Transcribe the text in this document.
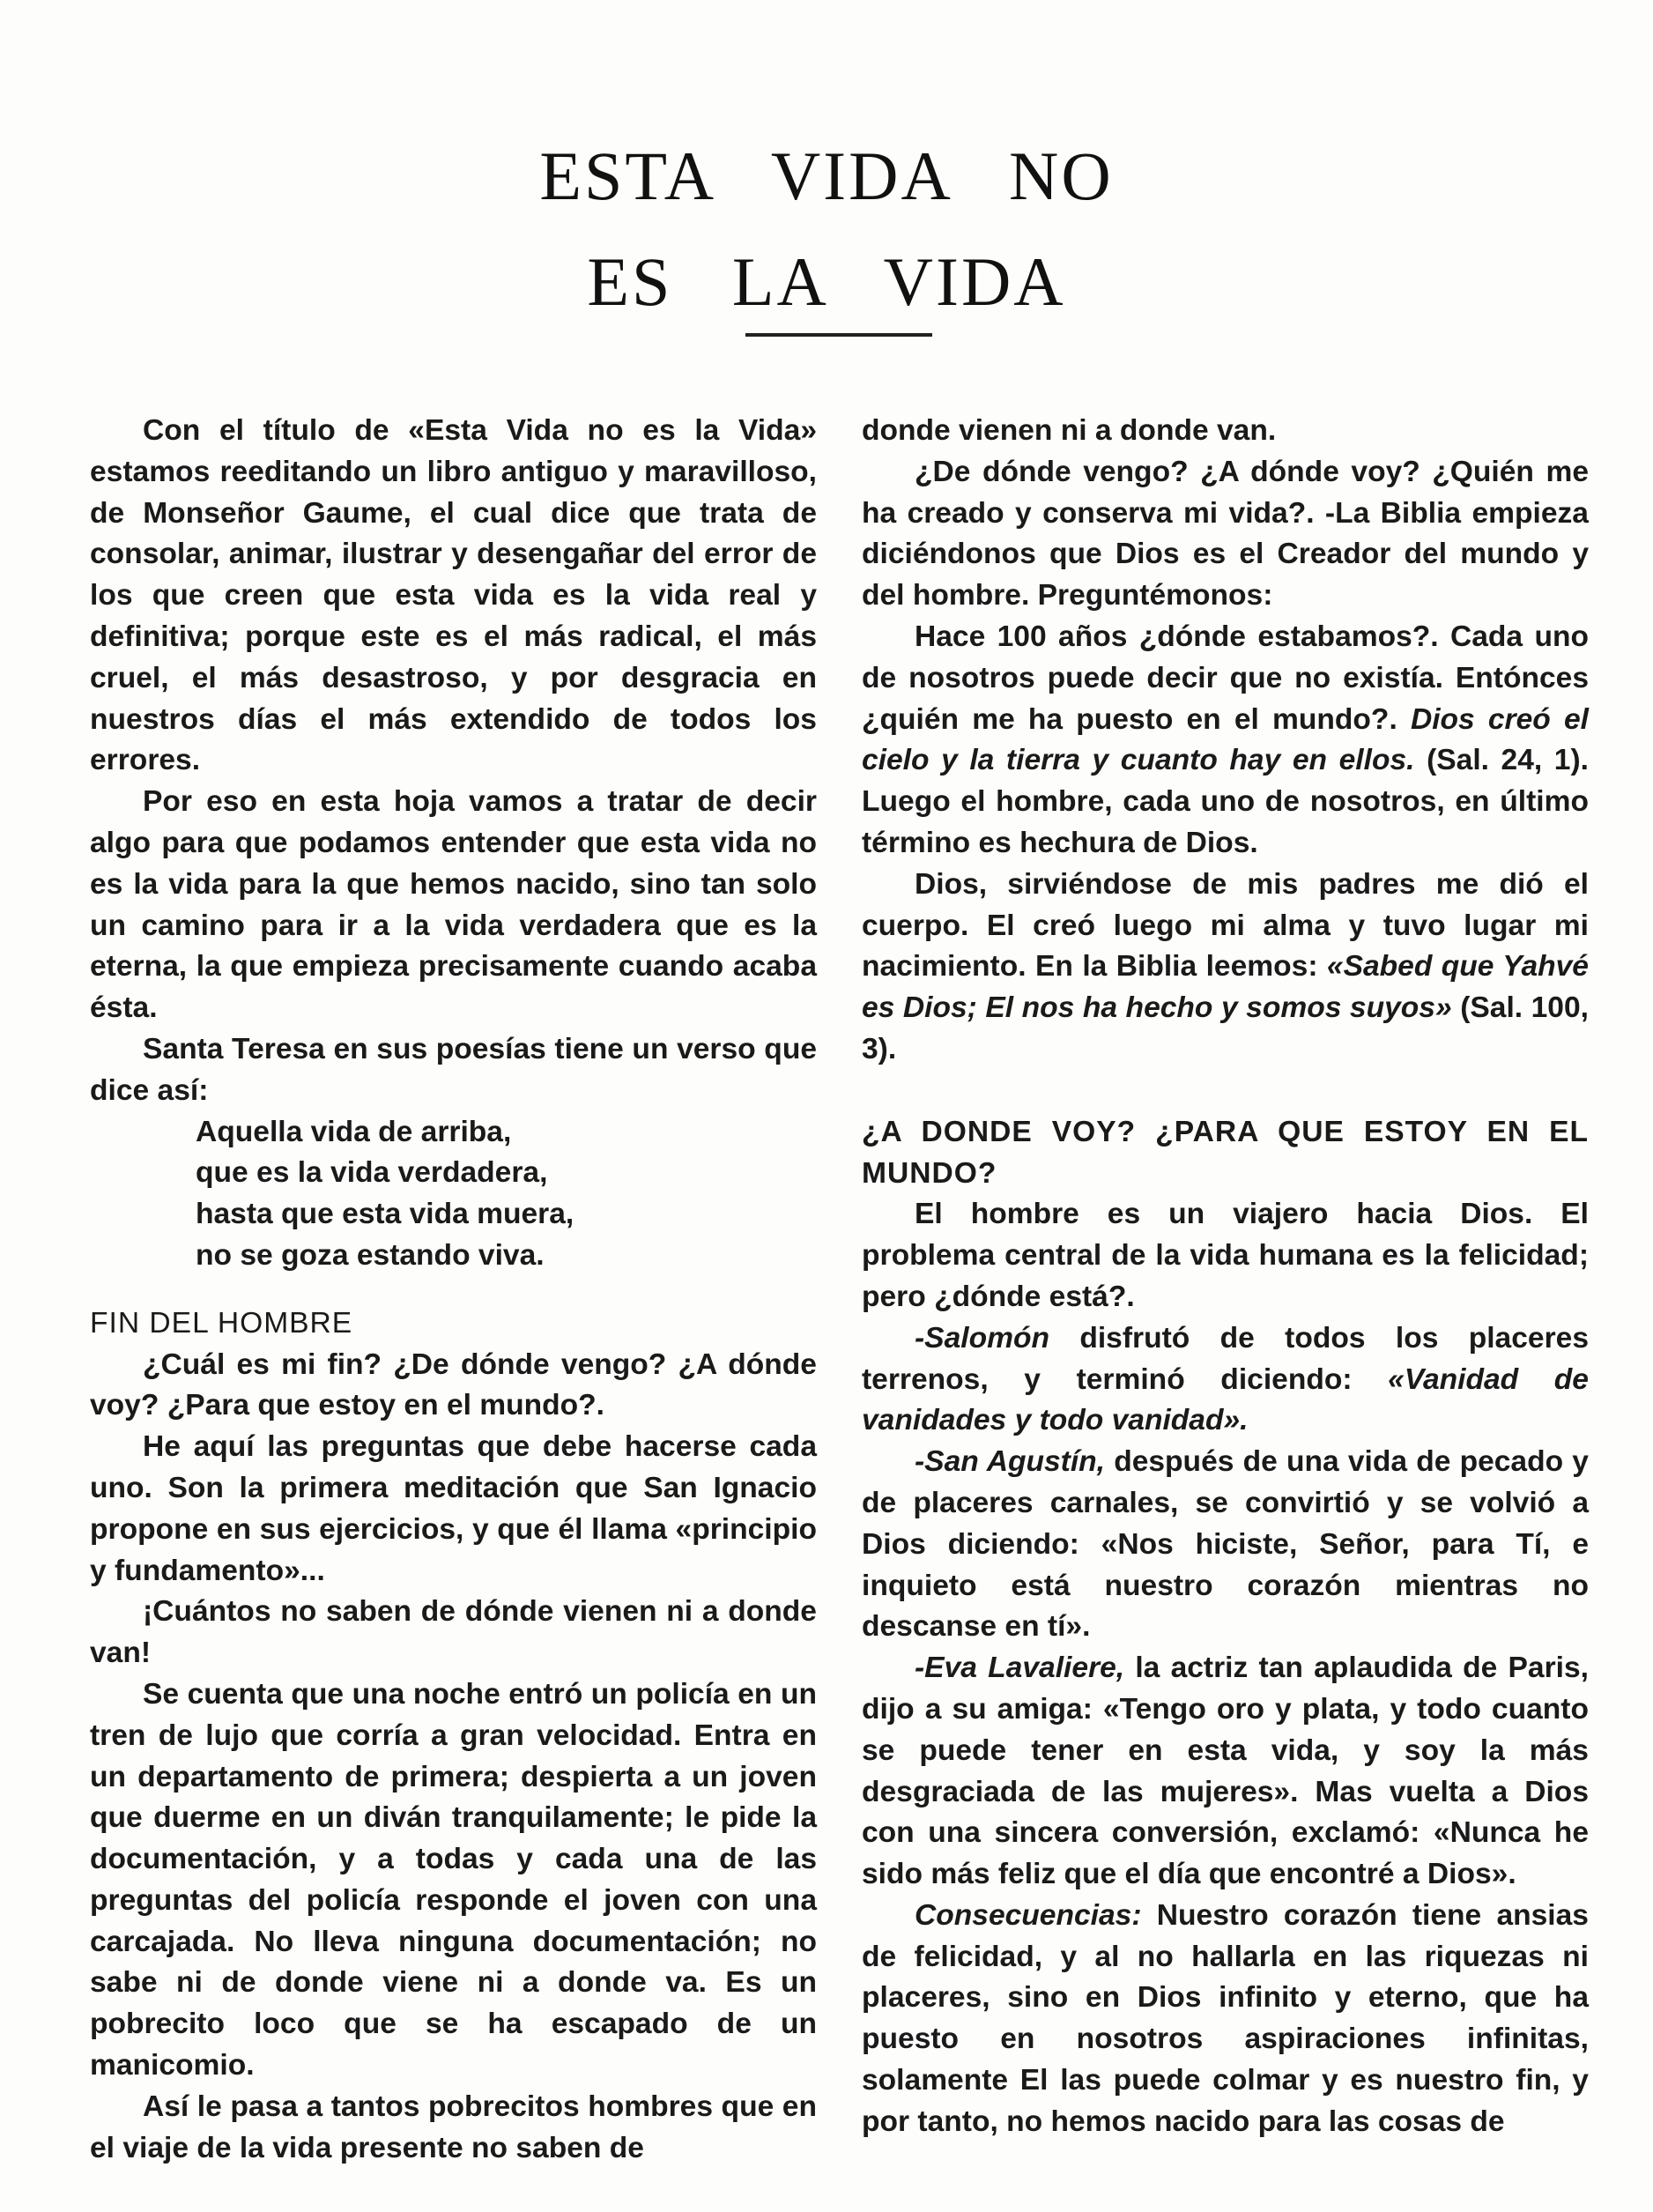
ESTA   VIDA   NO
ES   LA   VIDA

Con el título de «Esta Vida no es la Vida» estamos reeditando un libro antiguo y maravilloso, de Monseñor Gaume, el cual dice que trata de consolar, animar, ilustrar y desengañar del error de los que creen que esta vida es la vida real y definitiva; porque este es el más radical, el más cruel, el más desastroso, y por desgracia en nuestros días el más extendido de todos los errores.

Por eso en esta hoja vamos a tratar de decir algo para que podamos entender que esta vida no es la vida para la que hemos nacido, sino tan solo un camino para ir a la vida verdadera que es la eterna, la que empieza precisamente cuando acaba ésta.

Santa Teresa en sus poesías tiene un verso que dice así:

Aquella vida de arriba,
que es la vida verdadera,
hasta que esta vida muera,
no se goza estando viva.

FIN DEL HOMBRE

¿Cuál es mi fin? ¿De dónde vengo? ¿A dónde voy? ¿Para que estoy en el mundo?.

He aquí las preguntas que debe hacerse cada uno. Son la primera meditación que San Ignacio propone en sus ejercicios, y que él llama «principio y fundamento»...

¡Cuántos no saben de dónde vienen ni a donde van!

Se cuenta que una noche entró un policía en un tren de lujo que corría a gran velocidad. Entra en un departamento de primera; despierta a un joven que duerme en un diván tranquilamente; le pide la documentación, y a todas y cada una de las preguntas del policía responde el joven con una carcajada. No lleva ninguna documentación; no sabe ni de donde viene ni a donde va. Es un pobrecito loco que se ha escapado de un manicomio.

Así le pasa a tantos pobrecitos hombres que en el viaje de la vida presente no saben de

donde vienen ni a donde van.

¿De dónde vengo? ¿A dónde voy? ¿Quién me ha creado y conserva mi vida?. -La Biblia empieza diciéndonos que Dios es el Creador del mundo y del hombre. Preguntémonos:

Hace 100 años ¿dónde estabamos?. Cada uno de nosotros puede decir que no existía. Entónces ¿quién me ha puesto en el mundo?. Dios creó el cielo y la tierra y cuanto hay en ellos. (Sal. 24, 1). Luego el hombre, cada uno de nosotros, en último término es hechura de Dios.

Dios, sirviéndose de mis padres me dió el cuerpo. El creó luego mi alma y tuvo lugar mi nacimiento. En la Biblia leemos: «Sabed que Yahvé es Dios; El nos ha hecho y somos suyos» (Sal. 100, 3).

¿A DONDE VOY? ¿PARA QUE ESTOY EN EL MUNDO?

El hombre es un viajero hacia Dios. El problema central de la vida humana es la felicidad; pero ¿dónde está?.

-Salomón disfrutó de todos los placeres terrenos, y terminó diciendo: «Vanidad de vanidades y todo vanidad».

-San Agustín, después de una vida de pecado y de placeres carnales, se convirtió y se volvió a Dios diciendo: «Nos hiciste, Señor, para Tí, e inquieto está nuestro corazón mientras no descanse en tí».

-Eva Lavaliere, la actriz tan aplaudida de Paris, dijo a su amiga: «Tengo oro y plata, y todo cuanto se puede tener en esta vida, y soy la más desgraciada de las mujeres». Mas vuelta a Dios con una sincera conversión, exclamó: «Nunca he sido más feliz que el día que encontré a Dios».

Consecuencias: Nuestro corazón tiene ansias de felicidad, y al no hallarla en las riquezas ni placeres, sino en Dios infinito y eterno, que ha puesto en nosotros aspiraciones infinitas, solamente El las puede colmar y es nuestro fin, y por tanto, no hemos nacido para las cosas de
